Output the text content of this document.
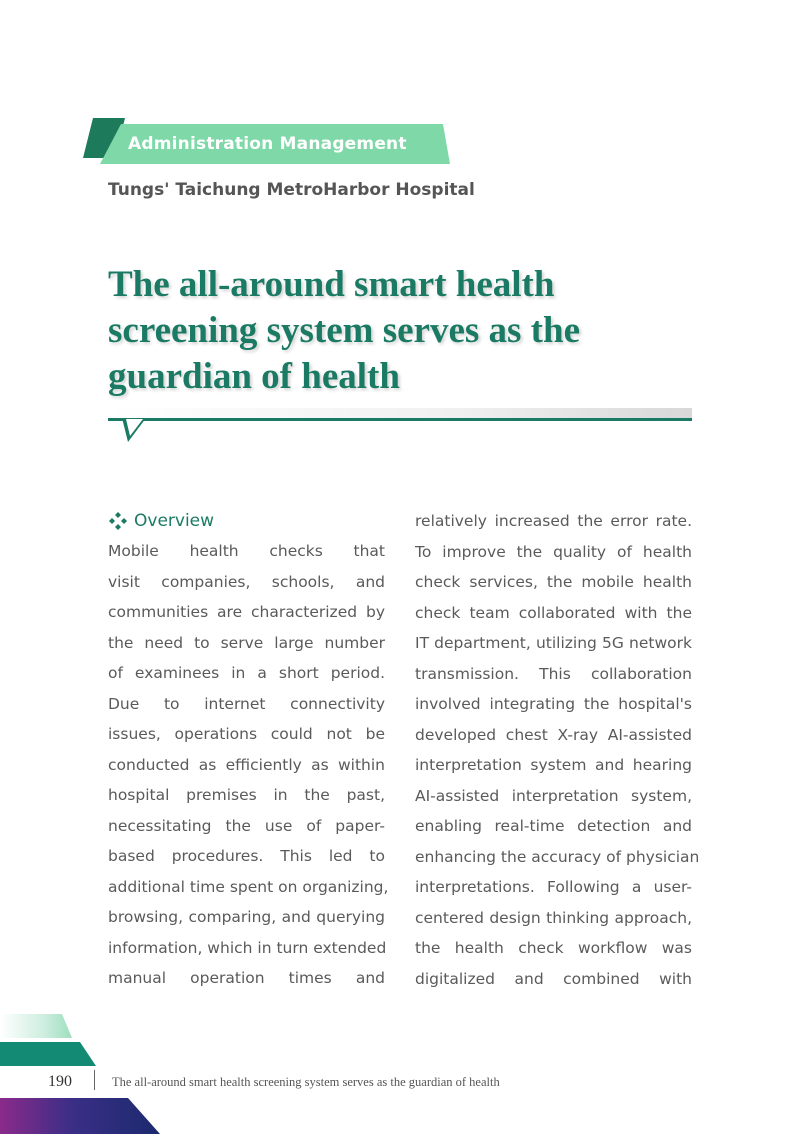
Administration Management
Tungs' Taichung MetroHarbor Hospital
The all-around smart health
screening system serves as the
guardian of health
Overview
Mobile health checks that
visit companies, schools, and
communities are characterized by
the need to serve large number
of examinees in a short period.
Due to internet connectivity
issues, operations could not be
conducted as efficiently as within
hospital premises in the past,
necessitating the use of paper-
based procedures. This led to
additional time spent on organizing,
browsing, comparing, and querying
information, which in turn extended
manual operation times and
relatively increased the error rate.
To improve the quality of health
check services, the mobile health
check team collaborated with the
IT department, utilizing 5G network
transmission. This collaboration
involved integrating the hospital's
developed chest X-ray AI-assisted
interpretation system and hearing
AI-assisted interpretation system,
enabling real-time detection and
enhancing the accuracy of physician
interpretations. Following a user-
centered design thinking approach,
the health check workflow was
digitalized and combined with
190	The all-around smart health screening system serves as the guardian of health
